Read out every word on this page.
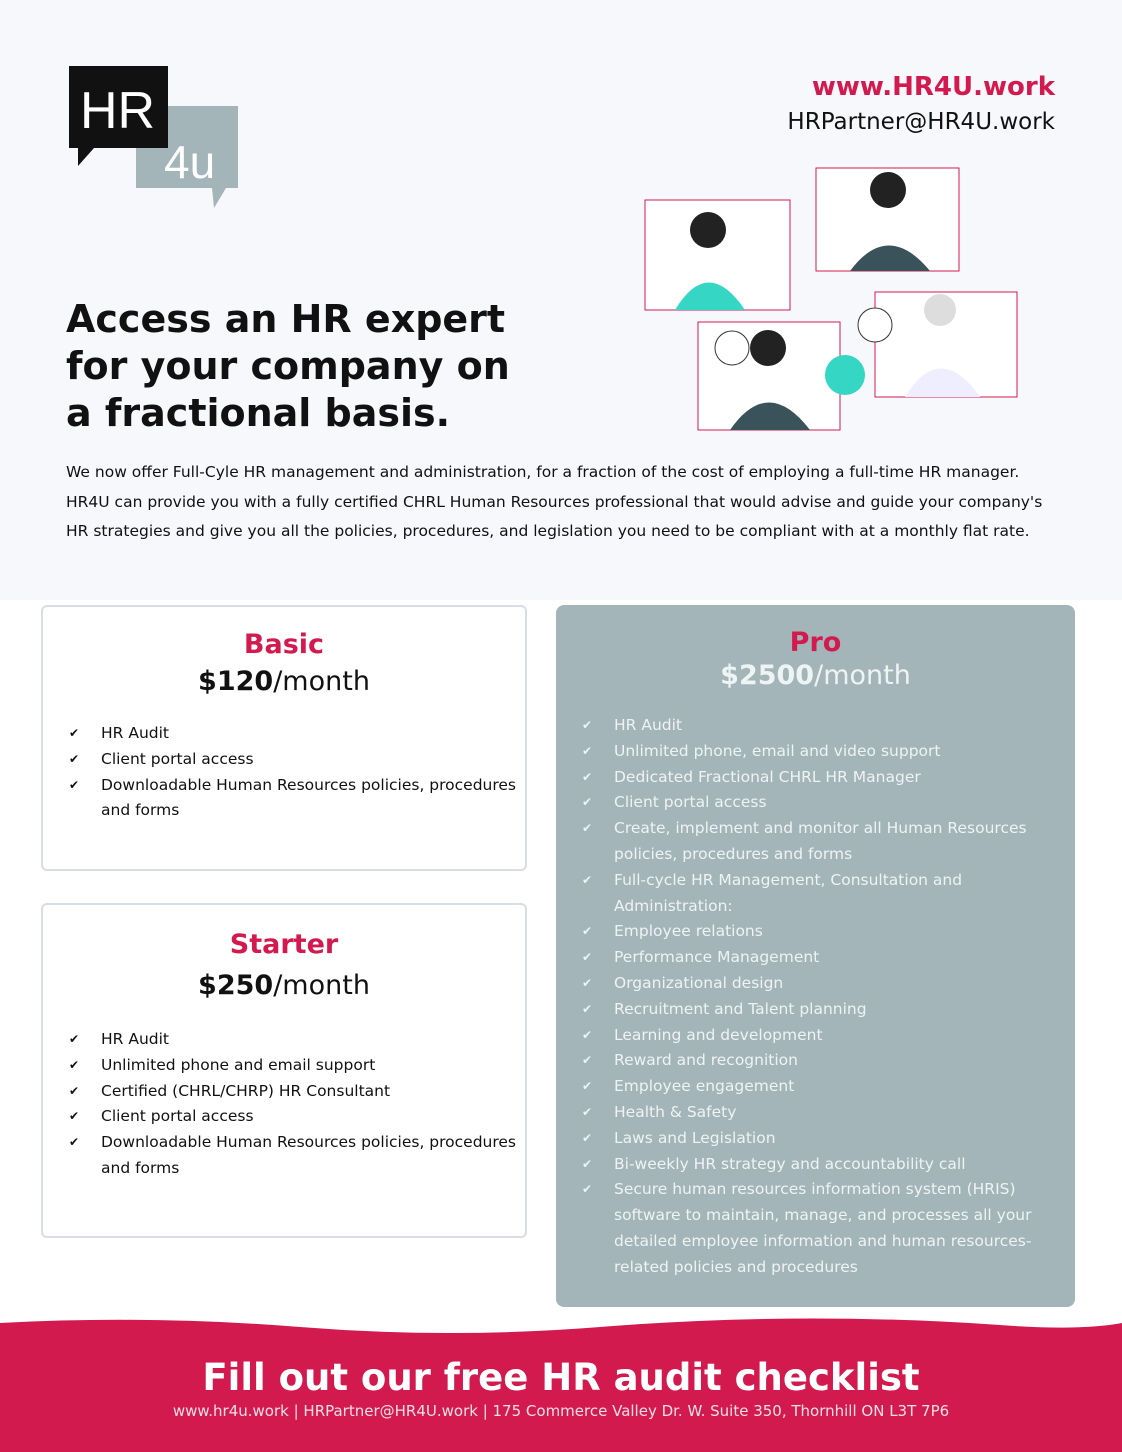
HR
4u
www.HR4U.work
HRPartner@HR4U.work
Access an HR expert for your company on a fractional basis.

We now offer Full-Cyle HR management and administration, for a fraction of the cost of employing a full-time HR manager. HR4U can provide you with a fully certified CHRL Human Resources professional that would advise and guide your company's HR strategies and give you all the policies, procedures, and legislation you need to be compliant with at a monthly flat rate.

Basic
$120/month
✔ HR Audit
✔ Client portal access
✔ Downloadable Human Resources policies, procedures and forms
Starter
$250/month
✔ HR Audit
✔ Unlimited phone and email support
✔ Certified (CHRL/CHRP) HR Consultant
✔ Client portal access
✔ Downloadable Human Resources policies, procedures and forms
Pro
$2500/month
✔ HR Audit
✔ Unlimited phone, email and video support
✔ Dedicated Fractional CHRL HR Manager
✔ Client portal access
✔ Create, implement and monitor all Human Resources policies, procedures and forms
✔ Full-cycle HR Management, Consultation and Administration:
✔ Employee relations
✔ Performance Management
✔ Organizational design
✔ Recruitment and Talent planning
✔ Learning and development
✔ Reward and recognition
✔ Employee engagement
✔ Health & Safety
✔ Laws and Legislation
✔ Bi-weekly HR strategy and accountability call
✔ Secure human resources information system (HRIS) software to maintain, manage, and processes all your detailed employee information and human resources-related policies and procedures
Fill out our free HR audit checklist
www.hr4u.work | HRPartner@HR4U.work | 175 Commerce Valley Dr. W. Suite 350, Thornhill ON L3T 7P6
